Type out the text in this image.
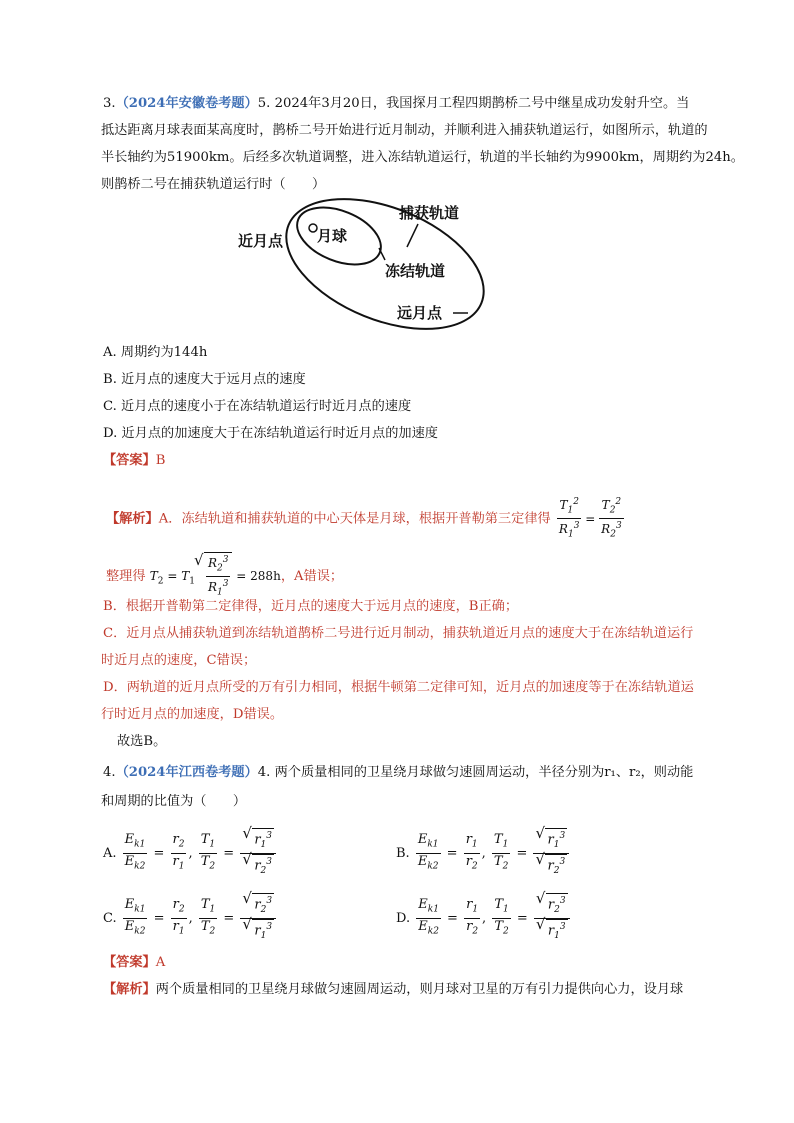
3.（2024年安徽卷考题）5. 2024年3月20日，我国探月工程四期鹊桥二号中继星成功发射升空。当
抵达距离月球表面某高度时，鹊桥二号开始进行近月制动，并顺利进入捕获轨道运行，如图所示，轨道的
半长轴约为51900km。后经多次轨道调整，进入冻结轨道运行，轨道的半长轴约为9900km，周期约为24h。
则鹊桥二号在捕获轨道运行时（　　）
捕获轨道
近月点 月球
冻结轨道
远月点
A. 周期约为144h
B. 近月点的速度大于远月点的速度
C. 近月点的速度小于在冻结轨道运行时近月点的速度
D. 近月点的加速度大于在冻结轨道运行时近月点的加速度
【答案】B
【解析】A．冻结轨道和捕获轨道的中心天体是月球，根据开普勒第三定律得 $\frac{T_1^2}{R_1^3} = \frac{T_2^2}{R_2^3}$
整理得 $T_2 = T_1$ √ $\frac{R_2^3}{R_1^3} = 288h$，A错误；
B．根据开普勒第二定律得，近月点的速度大于远月点的速度，B正确；
C．近月点从捕获轨道到冻结轨道鹊桥二号进行近月制动，捕获轨道近月点的速度大于在冻结轨道运行
时近月点的速度，C错误；
D．两轨道的近月点所受的万有引力相同，根据牛顿第二定律可知，近月点的加速度等于在冻结轨道运
行时近月点的加速度，D错误。
故选B。
4.（2024年江西卷考题）4. 两个质量相同的卫星绕月球做匀速圆周运动，半径分别为r₁、r₂，则动能
和周期的比值为（　　）
A. $\frac{E_{k1}}{E_{k2}} = \frac{r_2}{r_1}$ , $\frac{T_1}{T_2}$ = √ $r_1^3$
√ $r_2^3$	B. $\frac{E_{k1}}{E_{k2}} = \frac{r_1}{r_2}$ , $\frac{T_1}{T_2}$ = √ $r_1^3$
√ $r_2^3$
C. $\frac{E_{k1}}{E_{k2}} = \frac{r_2}{r_1}$ , $\frac{T_1}{T_2}$ = √ $r_2^3$
√ $r_1^3$	D. $\frac{E_{k1}}{E_{k2}} = \frac{r_1}{r_2}$ , $\frac{T_1}{T_2}$ = √ $r_2^3$
√ $r_1^3$
【答案】A
【解析】两个质量相同的卫星绕月球做匀速圆周运动，则月球对卫星的万有引力提供向心力，设月球
